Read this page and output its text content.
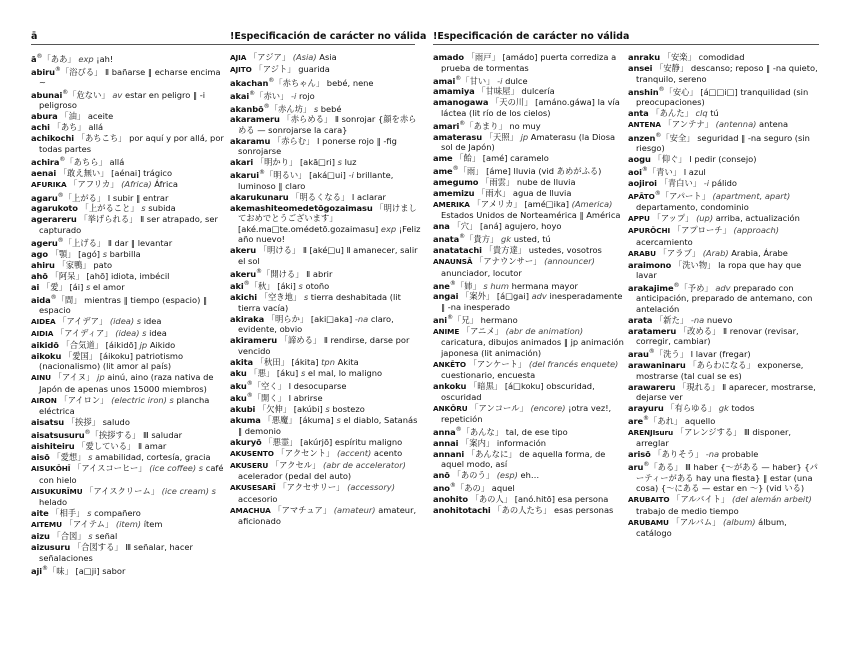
ā	!Especificación de carácter no válida !Especificación de carácter no válida

ā®「ああ」 exp ¡ah!

abiru®「浴びる」 Ⅱ bañarse ‖ echarse encima ~

abunai®「危ない」 av estar en peligro ‖ -i peligroso

abura 「油」 aceite

achi 「あち」 allá

achikochi 「あちこち」 por aquí y por allá, por todas partes

achira®「あちら」 allá

aenai 「敢え無い」 [aénai] trágico

AFURIKA 「アフリカ」 (Africa) África

agaru®「上がる」 Ⅰ subir ‖ entrar

agarukoto 「上がること」 s subida

agerareru 「挙げられる」 Ⅱ ser atrapado, ser capturado

ageru®「上げる」 Ⅱ dar ‖ levantar

ago 「顎」 [agó] s barbilla

ahiru 「家鴨」 pato

ahō 「阿呆」 [ahō] idiota, imbécil

ai 「愛」 [ái] s el amor

aida®「間」 mientras ‖ tiempo (espacio) ‖ espacio

AIDEA 「アイデア」 (idea) s idea

AIDIA 「アイディア」 (idea) s idea

aikidō 「合気道」 [áikidō] jp Aikido

aikoku 「愛国」 [áikoku] patriotismo (nacionalismo) (lit amor al país)

AINU 「アイヌ」 jp ainú, aino (raza nativa de Japón de apenas unos 15000 miembros)

AIRON 「アイロン」 (electric iron) s plancha eléctrica

aisatsu 「挨拶」 saludo

aisatsusuru®「挨拶する」 Ⅲ saludar

aishiteiru 「愛している」 Ⅱ amar

aisō 「愛想」 s amabilidad, cortesía, gracia

AISUKŌHĪ 「アイスコーヒー」 (ice coffee) s café con hielo

AISUKURĪMU 「アイスクリーム」 (ice cream) s helado

aite 「相手」 s compañero

AITEMU 「アイテム」 (item) ítem

aizu 「合図」 s señal

aizusuru 「合図する」 Ⅲ señalar, hacer señalaciones

aji®「味」 [a□ji] sabor

AJIA 「アジア」 (Asia) Asia

AJITO 「アジト」 guarida

akachan®「赤ちゃん」 bebé, nene

akai®「赤い」 -i rojo

akanbō®「赤ん坊」 s bebé

akarameru 「赤らめる」 Ⅱ sonrojar {顔を赤らめる — sonrojarse la cara}

akaramu 「赤らむ」 Ⅰ ponerse rojo ‖ -fig sonrojarse

akari 「明かり」 [akā□ri] s luz

akarui®「明るい」 [aká□ui] -i brillante, luminoso ‖ claro

akarukunaru 「明るくなる」 Ⅰ aclarar

akemashiteomedetōgozaimasu 「明けましておめでとうございます」 [aké.ma□te.omédetō.gozaimasu] exp ¡Feliz año nuevo!

akeru 「明ける」 Ⅱ [aké□u] Ⅱ amanecer, salir el sol

akeru®「開ける」 Ⅱ abrir

aki®「秋」 [áki] s otoño

akichi 「空き地」 s tierra deshabitada (lit tierra vacía)

akiraka 「明らか」 [aki□aka] -na claro, evidente, obvio

akirameru 「諦める」 Ⅱ rendirse, darse por vencido

akita 「秋田」 [ákita] tpn Akita

aku 「悪」 [áku] s el mal, lo maligno

aku®「空く」 Ⅰ desocuparse

aku®「開く」 Ⅰ abrirse

akubi 「欠伸」 [akúbi] s bostezo

akuma 「悪魔」 [ákuma] s el diablo, Satanás ‖ demonio

akuryō 「悪霊」 [akúrjō] espíritu maligno

AKUSENTO 「アクセント」 (accent) acento

AKUSERU 「アクセル」 (abr de accelerator) acelerador (pedal del auto)

AKUSESARĪ 「アクセサリー」 (accessory) accesorio

AMACHUA 「アマチュア」 (amateur) amateur, aficionado

amado 「雨戸」 [amádo] puerta corrediza a prueba de tormentas

amai®「甘い」 -i dulce

amamiya 「甘味屋」 dulcería

amanogawa 「天の川」 [amáno.gáwa] la vía láctea (lit río de los cielos)

amari®「あまり」 no muy

amaterasu 「天照」 jp Amaterasu (la Diosa sol de Japón)

ame 「飴」 [amé] caramelo

ame®「雨」 [áme] lluvia (vid あめがふる)

amegumo 「雨雲」 nube de lluvia

amemizu 「雨水」 agua de lluvia

AMERIKA 「アメリカ」 [amé□ika] (America) Estados Unidos de Norteamérica ‖ América

ana 「穴」 [aná] agujero, hoyo

anata®「貴方」 gk usted, tú

anatatachi 「貴方達」 ustedes, vosotros

ANAUNSĀ 「アナウンサー」 (announcer) anunciador, locutor

ane®「姉」 s hum hermana mayor

angai 「案外」 [á□gai] adv inesperadamente ‖ -na inesperado

ani®「兄」 hermano

ANIME 「アニメ」 (abr de animation) caricatura, dibujos animados ‖ jp animación japonesa (lit animación)

ANKĒTO 「アンケート」 (del francés enquete) cuestionario, encuesta

ankoku 「暗黒」 [á□koku] obscuridad, oscuridad

ANKŌRU 「アンコール」 (encore) ¡otra vez!, repetición

anna®「あんな」 tal, de ese tipo

annai 「案内」 información

annani 「あんなに」 de aquella forma, de aquel modo, así

anō 「あのう」 (esp) eh…

ano®「あの」 aquel

anohito 「あの人」 [anó.hitō] esa persona

anohitotachi 「あの人たち」 esas personas

anraku 「安楽」 comodidad

ansei 「安静」 descanso; reposo ‖ -na quieto, tranquilo, sereno

anshin®「安心」 [á□□i□] tranquilidad (sin preocupaciones)

anta 「あんた」 clq tú

ANTENA 「アンテナ」 (antenna) antena

anzen®「安全」 seguridad ‖ -na seguro (sin riesgo)

aogu 「仰ぐ」 Ⅰ pedir (consejo)

aoi®「青い」 Ⅰ azul

aojiroi 「青白い」 -i pálido

APĀTO®「アパート」 (apartment, apart) departamento, condominio

APPU 「アップ」 (up) arriba, actualización

APURŌCHI 「アプローチ」 (approach) acercamiento

ARABU 「アラブ」 (Arab) Arabia, Árabe

araimono 「洗い物」 la ropa que hay que lavar

arakajime®「予め」 adv preparado con anticipación, preparado de antemano, con antelación

arata 「新た」 -na nuevo

aratameru 「改める」 Ⅱ renovar (revisar, corregir, cambiar)

arau®「洗う」 Ⅰ lavar (fregar)

arawaninaru 「あらわになる」 exponerse, mostrarse (tal cual se es)

arawareru 「現れる」 Ⅱ aparecer, mostrarse, dejarse ver

arayuru 「有らゆる」 gk todos

are®「あれ」 aquello

ARENJIsuru 「アレンジする」 Ⅲ disponer, arreglar

arisō 「ありそう」 -na probable

aru®「ある」 Ⅲ haber {～がある — haber} {パーティーがある hay una fiesta} ‖ estar (una cosa) {～にある — estar en ～} (vid いる)

ARUBAITO 「アルバイト」 (del alemán arbeit) trabajo de medio tiempo

ARUBAMU 「アルバム」 (album) álbum, catálogo
